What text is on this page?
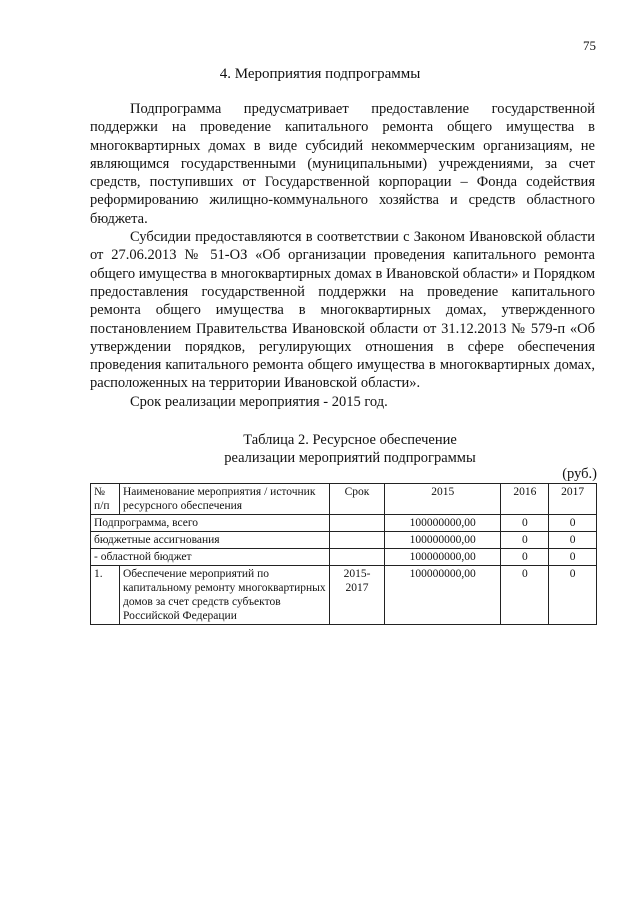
75
4. Мероприятия подпрограммы

Подпрограмма предусматривает предоставление государственной поддержки на проведение капитального ремонта общего имущества в многоквартирных домах в виде субсидий некоммерческим организациям, не являющимся государственными (муниципальными) учреждениями, за счет средств, поступивших от Государственной корпорации – Фонда содействия реформированию жилищно-коммунального хозяйства и средств областного бюджета.

Субсидии предоставляются в соответствии с Законом Ивановской области от 27.06.2013 № 51-ОЗ «Об организации проведения капитального ремонта общего имущества в многоквартирных домах в Ивановской области» и Порядком предоставления государственной поддержки на проведение капитального ремонта общего имущества в многоквартирных домах, утвержденного постановлением Правительства Ивановской области от 31.12.2013 № 579-п «Об утверждении порядков, регулирующих отношения в сфере обеспечения проведения капитального ремонта общего имущества в многоквартирных домах, расположенных на территории Ивановской области».

Срок реализации мероприятия - 2015 год.

Таблица 2. Ресурсное обеспечение
реализации мероприятий подпрограммы
(руб.)
№ п/п	Наименование мероприятия / источник ресурсного обеспечения	Срок	2015	2016	2017
Подпрограмма, всего			100000000,00	0	0
бюджетные ассигнования			100000000,00	0	0
- областной бюджет			100000000,00	0	0
1.	Обеспечение мероприятий по капитальному ремонту многоквартирных домов за счет средств субъектов Российской Федерации	2015-2017	100000000,00	0	0
